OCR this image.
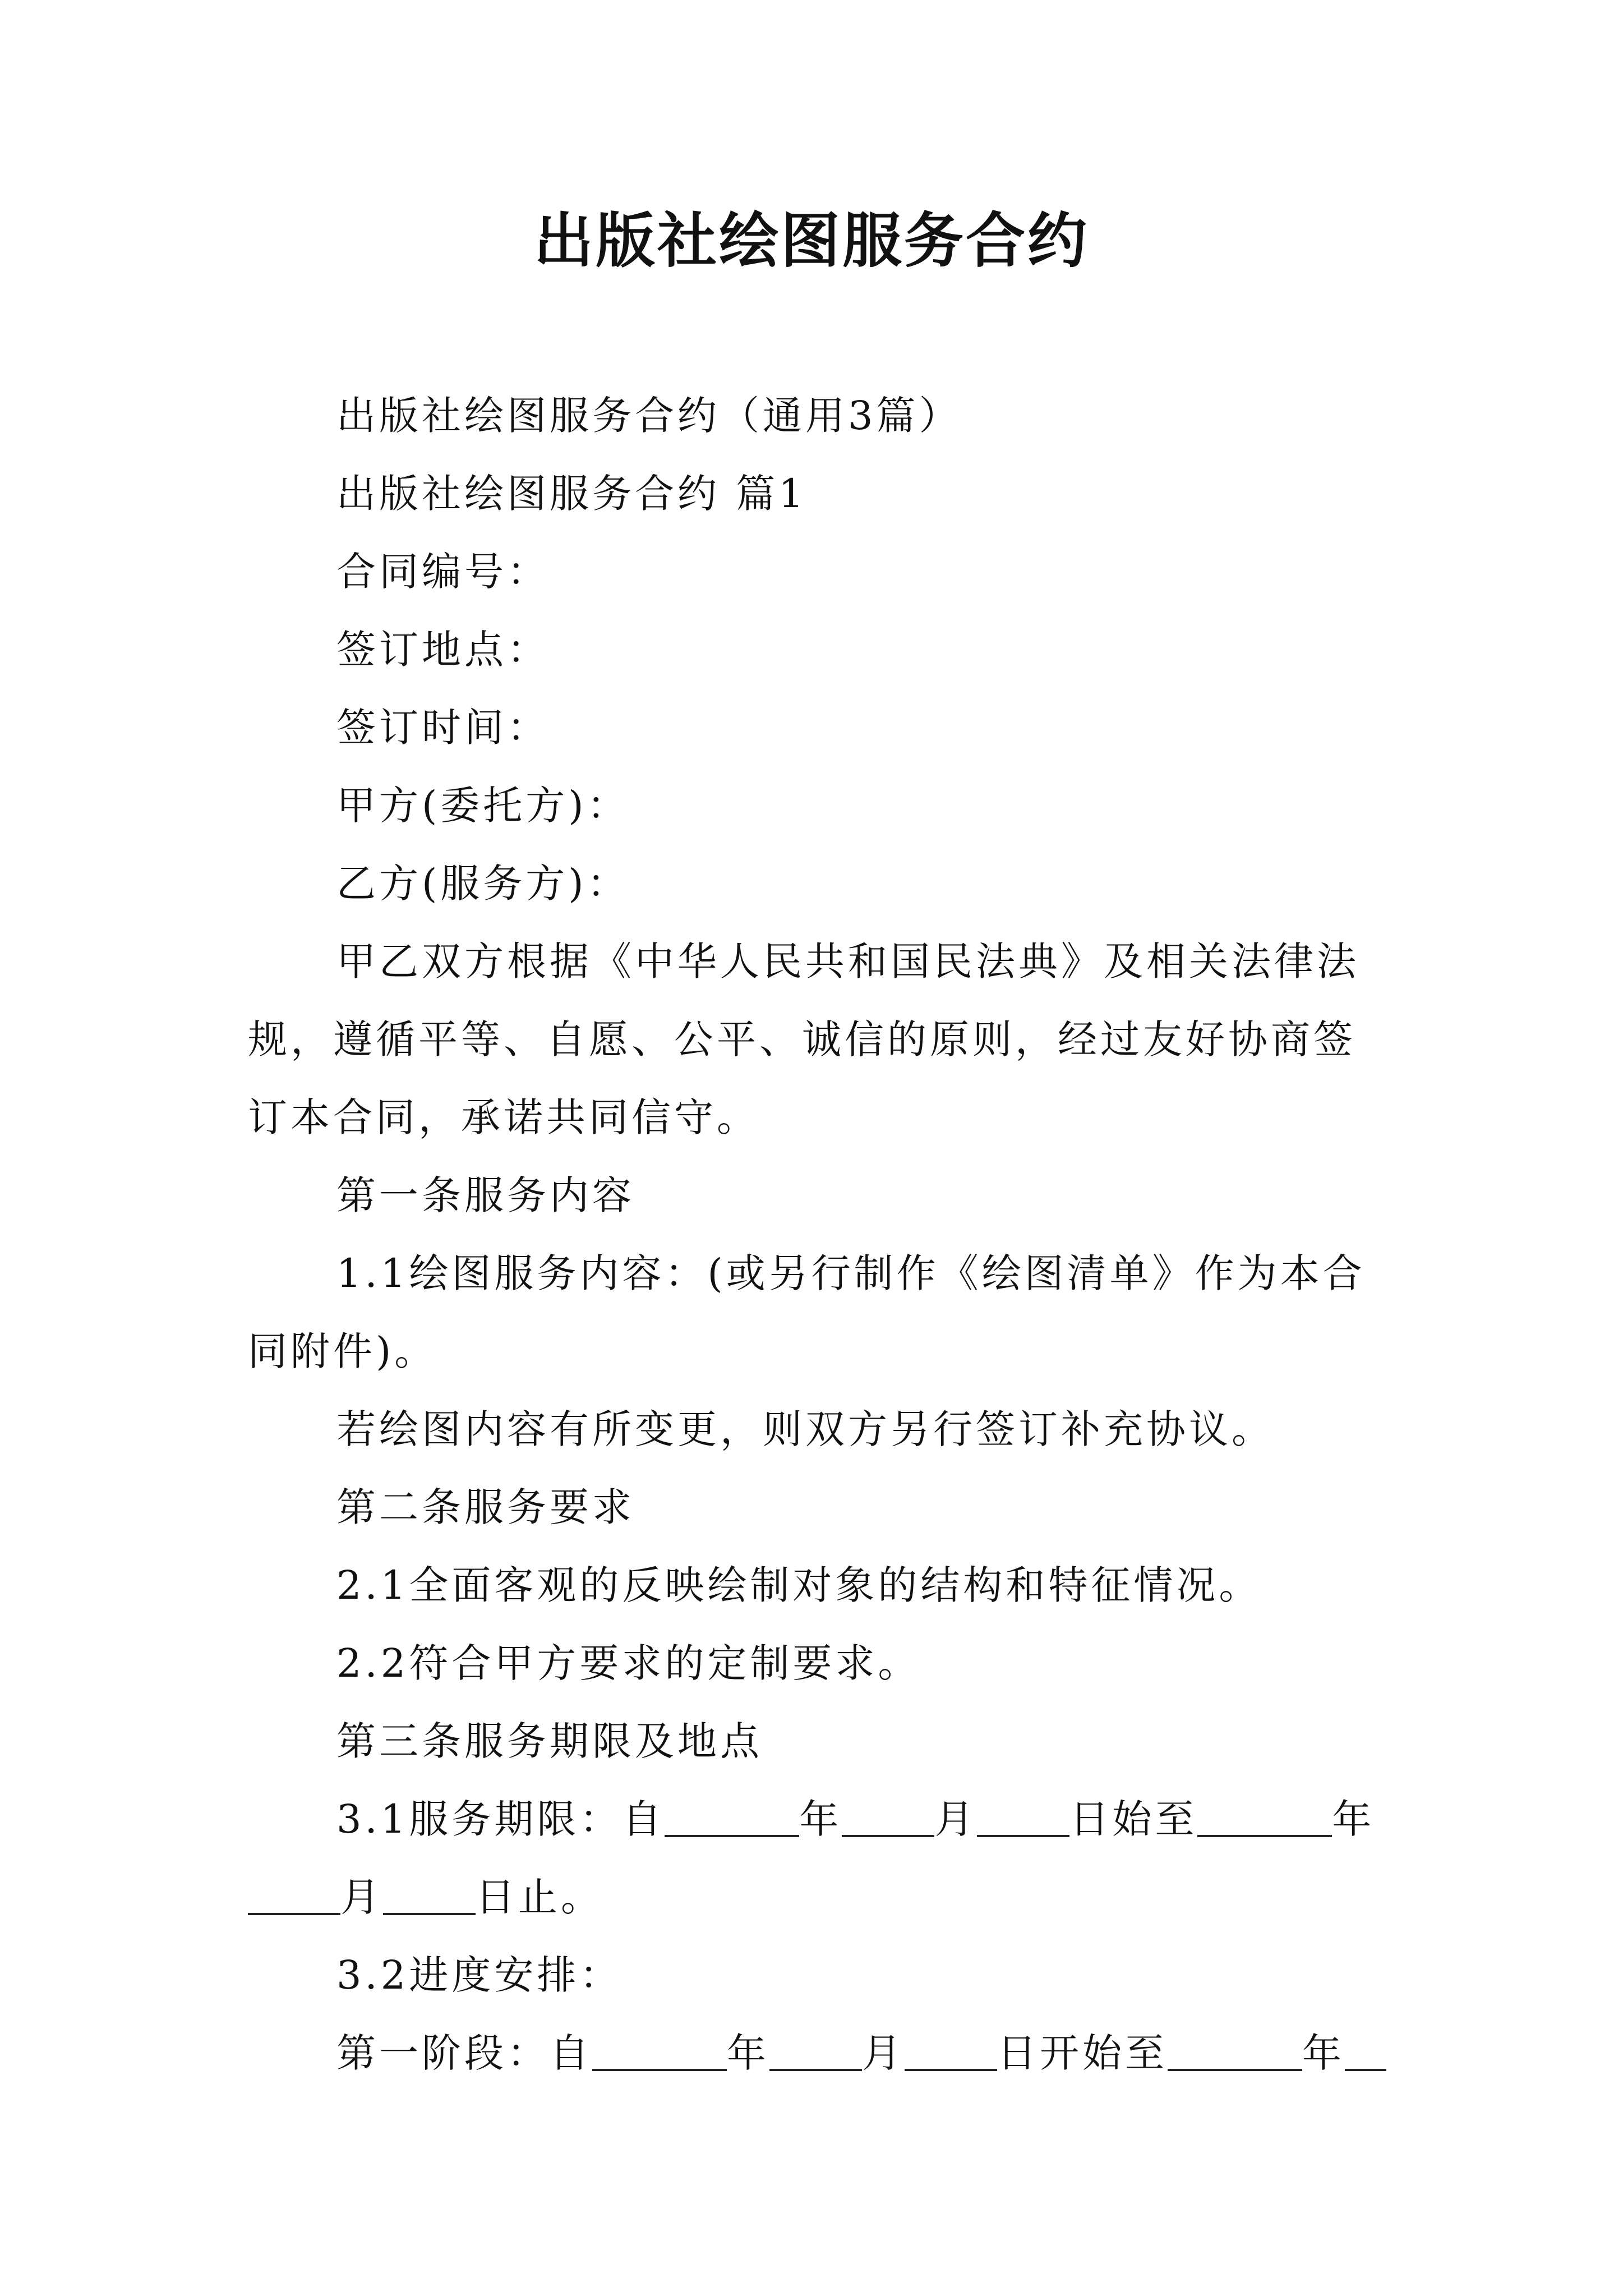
出版社绘图服务合约
出版社绘图服务合约（通用3篇）
出版社绘图服务合约 篇1
合同编号：
签订地点：
签订时间：
甲方(委托方)：
乙方(服务方)：
甲乙双方根据《中华人民共和国民法典》及相关法律法
规，遵循平等、自愿、公平、诚信的原则，经过友好协商签
订本合同，承诺共同信守。
第一条服务内容
1.1绘图服务内容：(或另行制作《绘图清单》作为本合
同附件)。
若绘图内容有所变更，则双方另行签订补充协议。
第二条服务要求
2.1全面客观的反映绘制对象的结构和特征情况。
2.2符合甲方要求的定制要求。
第三条服务期限及地点
3.1服务期限：自	年 月 日始至	年
月 日止。
3.2进度安排：
第一阶段：自	年 月 日开始至	年
